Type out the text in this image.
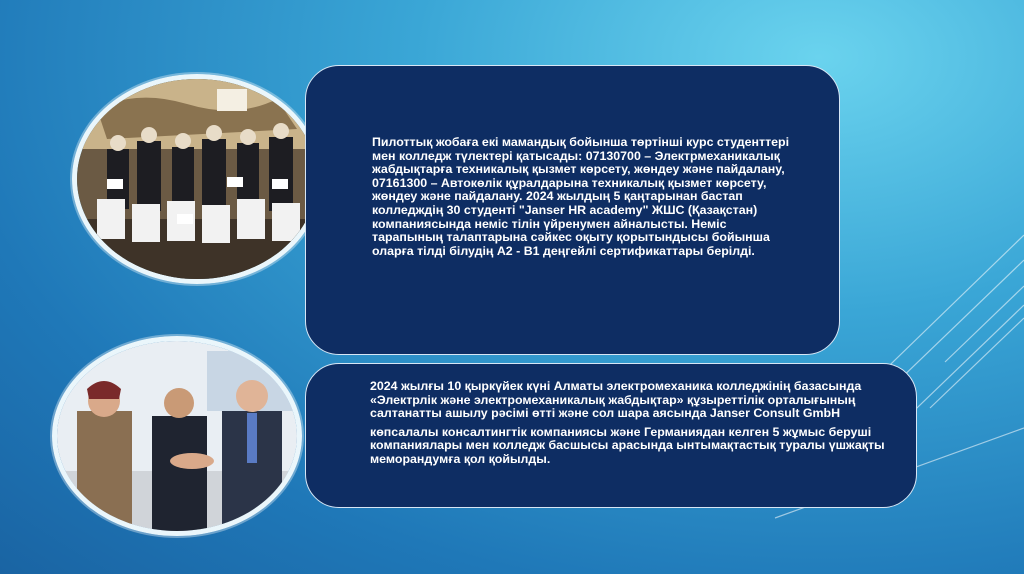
Пилоттық жобаға екі мамандық бойынша төртінші курс студенттері мен колледж түлектері қатысады: 07130700 – Электрмеханикалық жабдықтарға техникалық қызмет көрсету, жөндеу және пайдалану, 07161300 – Автокөлік құралдарына техникалық қызмет көрсету, жөндеу және пайдалану. 2024 жылдың 5 қаңтарынан бастап колледждің 30 студенті "Janser HR academy" ЖШС (Қазақстан) компаниясында неміс тілін үйренумен айналысты. Неміс тарапының талаптарына сәйкес оқыту қорытындысы бойынша оларға тілді білудің А2 - В1 деңгейлі сертификаттары берілді.

2024 жылғы 10 қыркүйек күні Алматы электромеханика колледжінің базасында «Электрлік және электромеханикалық жабдықтар» құзыреттілік орталығының салтанатты ашылу рәсімі өтті және сол шара аясында Janser Consult GmbH

көпсалалы консалтингтік компаниясы және Германиядан келген 5 жұмыс беруші компаниялары мен колледж басшысы арасында ынтымақтастық туралы үшжақты меморандумға қол қойылды.
